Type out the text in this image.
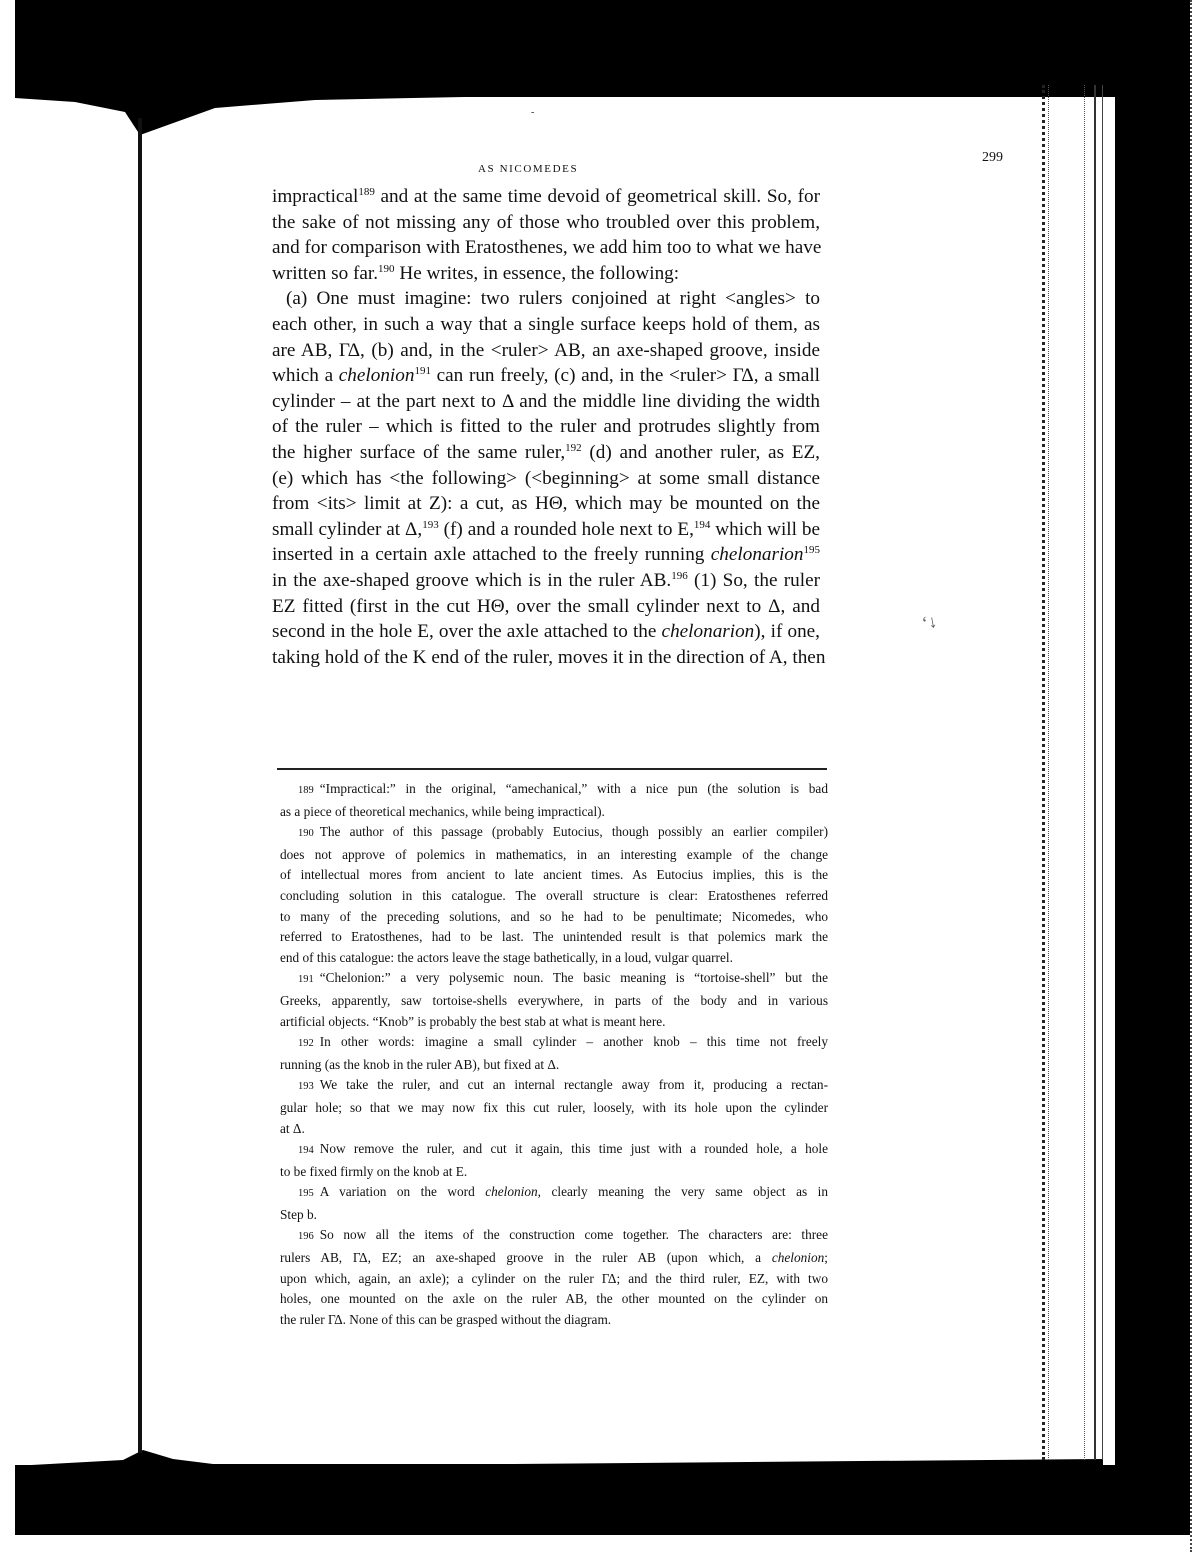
AS NICOMEDES
299
impractical$^{189}$ and at the same time devoid of geometrical skill. So, for
the sake of not missing any of those who troubled over this problem,
and for comparison with Eratosthenes, we add him too to what we have
written so far.$^{190}$ He writes, in essence, the following:
(a) One must imagine: two rulers conjoined at right <angles> to
each other, in such a way that a single surface keeps hold of them, as
are AB, ΓΔ, (b) and, in the <ruler> AB, an axe-shaped groove, inside
which a chelonion$^{191}$ can run freely, (c) and, in the <ruler> ΓΔ, a small
cylinder – at the part next to Δ and the middle line dividing the width
of the ruler – which is fitted to the ruler and protrudes slightly from
the higher surface of the same ruler,$^{192}$ (d) and another ruler, as EZ,
(e) which has <the following> (<beginning> at some small distance
from <its> limit at Z): a cut, as HΘ, which may be mounted on the
small cylinder at Δ,$^{193}$ (f) and a rounded hole next to E,$^{194}$ which will be
inserted in a certain axle attached to the freely running chelonarion$^{195}$
in the axe-shaped groove which is in the ruler AB.$^{196}$ (1) So, the ruler
EZ fitted (first in the cut HΘ, over the small cylinder next to Δ, and
second in the hole E, over the axle attached to the chelonarion), if one,
taking hold of the K end of the ruler, moves it in the direction of A, then
189 “Impractical:” in the original, “amechanical,” with a nice pun (the solution is bad
as a piece of theoretical mechanics, while being impractical).
190 The author of this passage (probably Eutocius, though possibly an earlier compiler)
does not approve of polemics in mathematics, in an interesting example of the change
of intellectual mores from ancient to late ancient times. As Eutocius implies, this is the
concluding solution in this catalogue. The overall structure is clear: Eratosthenes referred
to many of the preceding solutions, and so he had to be penultimate; Nicomedes, who
referred to Eratosthenes, had to be last. The unintended result is that polemics mark the
end of this catalogue: the actors leave the stage bathetically, in a loud, vulgar quarrel.
191 “Chelonion:” a very polysemic noun. The basic meaning is “tortoise-shell” but the
Greeks, apparently, saw tortoise-shells everywhere, in parts of the body and in various
artificial objects. “Knob” is probably the best stab at what is meant here.
192 In other words: imagine a small cylinder – another knob – this time not freely
running (as the knob in the ruler AB), but fixed at Δ.
193 We take the ruler, and cut an internal rectangle away from it, producing a rectan-
gular hole; so that we may now fix this cut ruler, loosely, with its hole upon the cylinder
at Δ.
194 Now remove the ruler, and cut it again, this time just with a rounded hole, a hole
to be fixed firmly on the knob at E.
195 A variation on the word chelonion, clearly meaning the very same object as in
Step b.
196 So now all the items of the construction come together. The characters are: three
rulers AB, ΓΔ, EZ; an axe-shaped groove in the ruler AB (upon which, a chelonion;
upon which, again, an axle); a cylinder on the ruler ΓΔ; and the third ruler, EZ, with two
holes, one mounted on the axle on the ruler AB, the other mounted on the cylinder on
the ruler ΓΔ. None of this can be grasped without the diagram.
ʻ↓
‐
